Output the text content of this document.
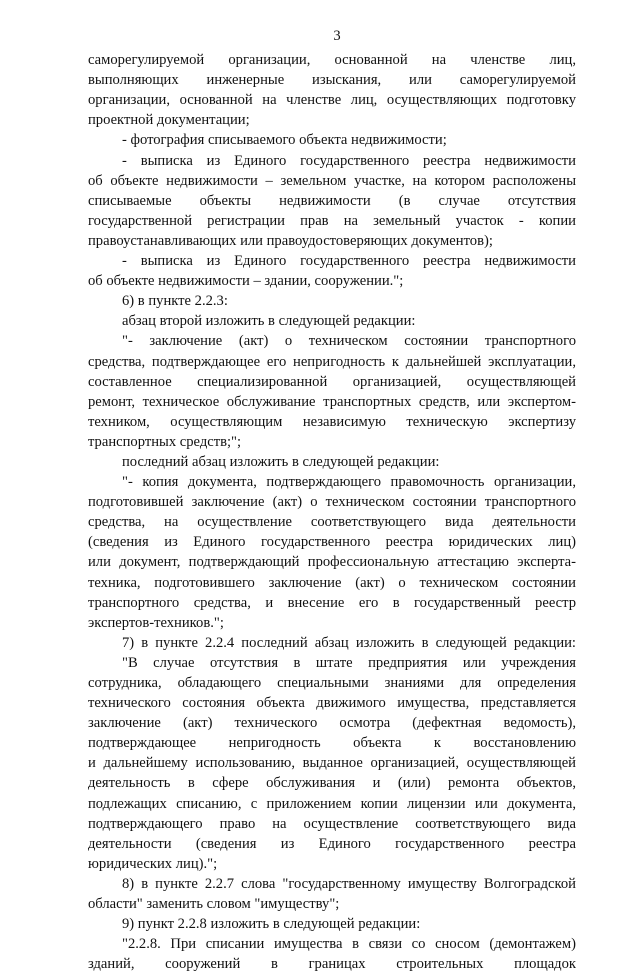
3
саморегулируемой организации, основанной на членстве лиц,
выполняющих инженерные изыскания, или саморегулируемой
организации, основанной на членстве лиц, осуществляющих подготовку
проектной документации;
- фотография списываемого объекта недвижимости;
- выписка из Единого государственного реестра недвижимости
об объекте недвижимости – земельном участке, на котором расположены
списываемые объекты недвижимости (в случае отсутствия
государственной регистрации прав на земельный участок - копии
правоустанавливающих или правоудостоверяющих документов);
- выписка из Единого государственного реестра недвижимости
об объекте недвижимости – здании, сооружении.";
6) в пункте 2.2.3:
абзац второй изложить в следующей редакции:
"- заключение (акт) о техническом состоянии транспортного
средства, подтверждающее его непригодность к дальнейшей эксплуатации,
составленное специализированной организацией, осуществляющей
ремонт, техническое обслуживание транспортных средств, или экспертом-
техником, осуществляющим независимую техническую экспертизу
транспортных средств;";
последний абзац изложить в следующей редакции:
"- копия документа, подтверждающего правомочность организации,
подготовившей заключение (акт) о техническом состоянии транспортного
средства, на осуществление соответствующего вида деятельности
(сведения из Единого государственного реестра юридических лиц)
или документ, подтверждающий профессиональную аттестацию эксперта-
техника, подготовившего заключение (акт) о техническом состоянии
транспортного средства, и внесение его в государственный реестр
экспертов-техников.";
7) в пункте 2.2.4 последний абзац изложить в следующей редакции:
"В случае отсутствия в штате предприятия или учреждения
сотрудника, обладающего специальными знаниями для определения
технического состояния объекта движимого имущества, представляется
заключение (акт) технического осмотра (дефектная ведомость),
подтверждающее непригодность объекта к восстановлению
и дальнейшему использованию, выданное организацией, осуществляющей
деятельность в сфере обслуживания и (или) ремонта объектов,
подлежащих списанию, с приложением копии лицензии или документа,
подтверждающего право на осуществление соответствующего вида
деятельности (сведения из Единого государственного реестра
юридических лиц).";
8) в пункте 2.2.7 слова "государственному имуществу Волгоградской
области" заменить словом "имуществу";
9) пункт 2.2.8 изложить в следующей редакции:
"2.2.8. При списании имущества в связи со сносом (демонтажем)
зданий, сооружений в границах строительных площадок
